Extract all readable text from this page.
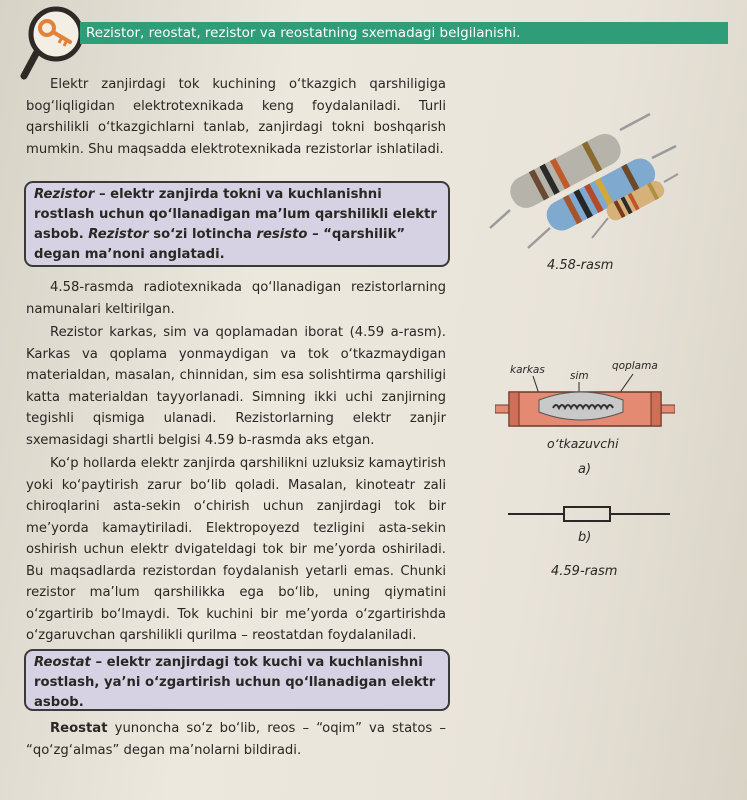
Rezistor, reostat, rezistor va reostatning sxemadagi belgilanishi.

Elektr zanjirdagi tok kuchining o‘tkazgich qarshiligiga bog‘liqligidan elektrotexnikada keng foydalaniladi. Turli qarshilikli o‘tkazgichlarni tanlab, zanjirdagi tokni boshqarish mumkin. Shu maqsadda elektrotexnikada rezistorlar ishlatiladi.

Rezistor – elektr zanjirda tokni va kuchlanishni rostlash uchun qo‘llanadigan ma’lum qarshilikli elektr asbob. Rezistor so‘zi lotincha resisto – “qarshilik” degan ma’noni anglatadi.
4.58-rasm

4.58-rasmda radiotexnikada qo‘llanadigan rezistorlarning namunalari keltirilgan.

Rezistor karkas, sim va qoplamadan iborat (4.59 a-rasm). Karkas va qoplama yonmaydigan va tok o‘tkazmaydigan materialdan, masalan, chinnidan, sim esa solishtirma qarshiligi katta materialdan tayyorlanadi. Simning ikki uchi zanjirning tegishli qismiga ulanadi. Rezistorlarning elektr zanjir sxemasidagi shartli belgisi 4.59 b-rasmda aks etgan.

Ko‘p hollarda elektr zanjirda qarshilikni uzluksiz kamaytirish yoki ko‘paytirish zarur bo‘lib qoladi. Masalan, kinoteatr zali chiroqlarini asta-sekin o‘chirish uchun zanjirdagi tok bir me’yorda kamaytiriladi. Elektropoyezd tezligini asta-sekin oshirish uchun elektr dvigateldagi tok bir me’yorda oshiriladi. Bu maqsadlarda rezistordan foydalanish yetarli emas. Chunki rezistor ma’lum qarshilikka ega bo‘lib, uning qiymatini o‘zgartirib bo‘lmaydi. Tok kuchini bir me’yorda o‘zgartirishda o‘zgaruvchan qarshilikli qurilma – reostatdan foydalaniladi.

karkas sim
qoplama
o‘tkazuvchi
a)
b)
4.59-rasm
Reostat – elektr zanjirdagi tok kuchi va kuchlanishni rostlash, ya’ni o‘zgartirish uchun qo‘llanadigan elektr asbob.

Reostat yunoncha so‘z bo‘lib, reos – “oqim” va statos – “qo‘zg‘almas” degan ma’nolarni bildiradi.
